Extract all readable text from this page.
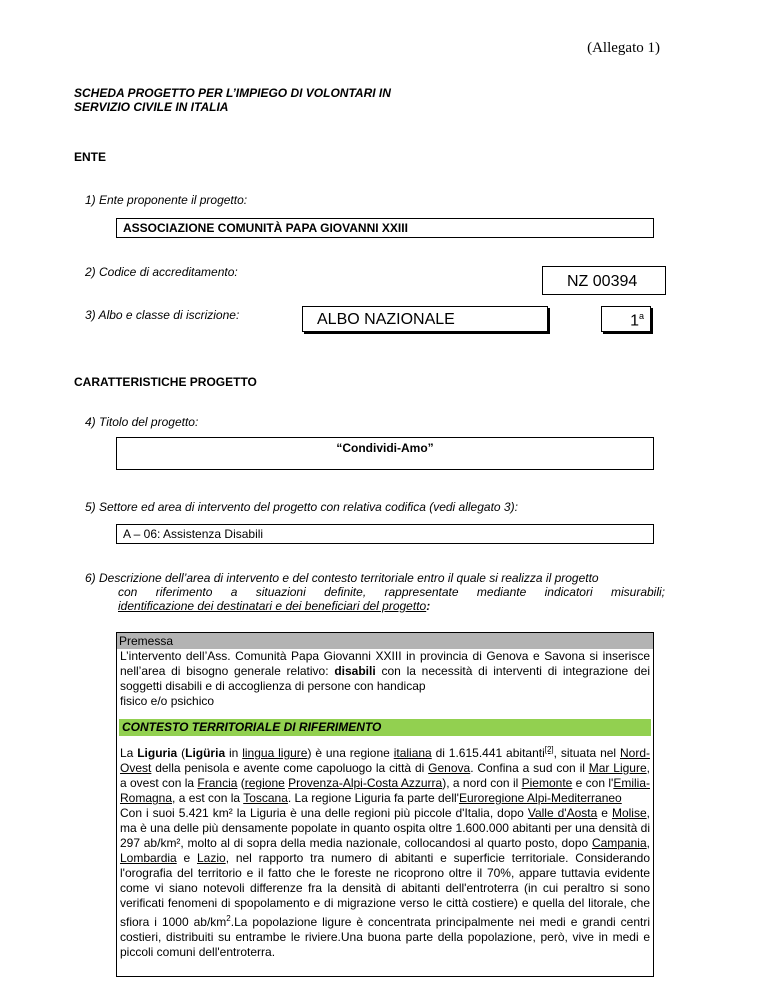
(Allegato 1)
SCHEDA PROGETTO PER L’IMPIEGO DI VOLONTARI IN
SERVIZIO CIVILE IN ITALIA
ENTE
1) Ente proponente il progetto:
ASSOCIAZIONE COMUNITÀ PAPA GIOVANNI XXIII
2) Codice di accreditamento:
NZ 00394
3) Albo e classe di iscrizione:	ALBO NAZIONALE	1$^a$
CARATTERISTICHE PROGETTO
4) Titolo del progetto:
“Condividi-Amo”
5) Settore ed area di intervento del progetto con relativa codifica (vedi allegato 3):
A – 06: Assistenza Disabili
6) Descrizione dell’area di intervento e del contesto territoriale entro il quale si realizza il progetto
con riferimento a situazioni definite, rappresentate mediante indicatori misurabili;
identificazione dei destinatari e dei beneficiari del progetto:
Premessa
L’intervento dell’Ass. Comunità Papa Giovanni XXIII in provincia di Genova e Savona si inserisce nell’area di bisogno generale relativo: disabili con la necessità di interventi di integrazione dei soggetti disabili e di accoglienza di persone con handicap
fisico e/o psichico
CONTESTO TERRITORIALE DI RIFERIMENTO
La Liguria (Ligüria in lingua ligure) è una regione italiana di 1.615.441 abitanti[2], situata nel Nord-Ovest della penisola e avente come capoluogo la città di Genova. Confina a sud con il Mar Ligure, a ovest con la Francia (regione Provenza-Alpi-Costa Azzurra), a nord con il Piemonte e con l'Emilia-Romagna, a est con la Toscana. La regione Liguria fa parte dell'Euroregione Alpi-Mediterraneo
Con i suoi 5.421 km² la Liguria è una delle regioni più piccole d'Italia, dopo Valle d'Aosta e Molise, ma è una delle più densamente popolate in quanto ospita oltre 1.600.000 abitanti per una densità di 297 ab/km², molto al di sopra della media nazionale, collocandosi al quarto posto, dopo Campania, Lombardia e Lazio, nel rapporto tra numero di abitanti e superficie territoriale. Considerando l'orografia del territorio e il fatto che le foreste ne ricoprono oltre il 70%, appare tuttavia evidente come vi siano notevoli differenze fra la densità di abitanti dell'entroterra (in cui peraltro si sono verificati fenomeni di spopolamento e di migrazione verso le città costiere) e quella del litorale, che sfiora i 1000 $ab/km^2.La$ popolazione ligure è concentrata principalmente nei medi e grandi centri costieri, distribuiti su entrambe le riviere.Una buona parte della popolazione, però, vive in medi e piccoli comuni dell'entroterra.
